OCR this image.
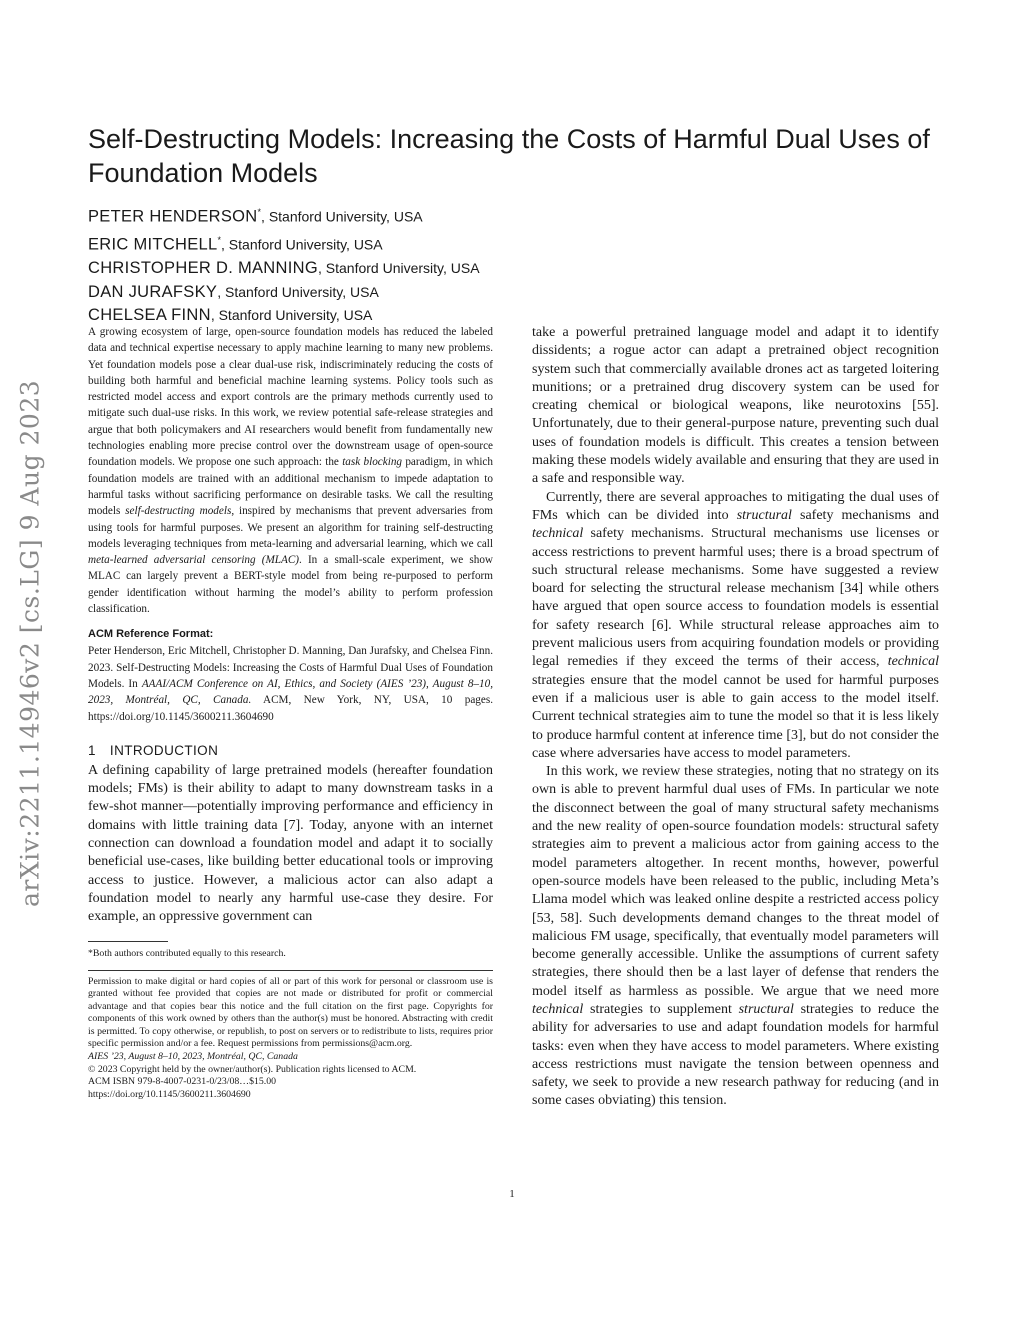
arXiv:2211.14946v2 [cs.LG] 9 Aug 2023
Self-Destructing Models: Increasing the Costs of Harmful Dual Uses of Foundation Models
PETER HENDERSON*, Stanford University, USA
ERIC MITCHELL*, Stanford University, USA
CHRISTOPHER D. MANNING, Stanford University, USA
DAN JURAFSKY, Stanford University, USA
CHELSEA FINN, Stanford University, USA

A growing ecosystem of large, open-source foundation models has reduced the labeled data and technical expertise necessary to apply machine learning to many new problems. Yet foundation models pose a clear dual-use risk, indiscriminately reducing the costs of building both harmful and beneficial machine learning systems. Policy tools such as restricted model access and export controls are the primary methods currently used to mitigate such dual-use risks. In this work, we review potential safe-release strategies and argue that both policymakers and AI researchers would benefit from fundamentally new technologies enabling more precise control over the downstream usage of open-source foundation models. We propose one such approach: the task blocking paradigm, in which foundation models are trained with an additional mechanism to impede adaptation to harmful tasks without sacrificing performance on desirable tasks. We call the resulting models self-destructing models, inspired by mechanisms that prevent adversaries from using tools for harmful purposes. We present an algorithm for training self-destructing models leveraging techniques from meta-learning and adversarial learning, which we call meta-learned adversarial censoring (MLAC). In a small-scale experiment, we show MLAC can largely prevent a BERT-style model from being re-purposed to perform gender identification without harming the model’s ability to perform profession classification.

ACM Reference Format:

Peter Henderson, Eric Mitchell, Christopher D. Manning, Dan Jurafsky, and Chelsea Finn. 2023. Self-Destructing Models: Increasing the Costs of Harmful Dual Uses of Foundation Models. In AAAI/ACM Conference on AI, Ethics, and Society (AIES ’23), August 8–10, 2023, Montréal, QC, Canada. ACM, New York, NY, USA, 10 pages. https://doi.org/10.1145/3600211.3604690

1 INTRODUCTION

A defining capability of large pretrained models (hereafter foundation models; FMs) is their ability to adapt to many downstream tasks in a few-shot manner—potentially improving performance and efficiency in domains with little training data [7]. Today, anyone with an internet connection can download a foundation model and adapt it to socially beneficial use-cases, like building better educational tools or improving access to justice. However, a malicious actor can also adapt a foundation model to nearly any harmful use-case they desire. For example, an oppressive government can

*Both authors contributed equally to this research.

Permission to make digital or hard copies of all or part of this work for personal or classroom use is granted without fee provided that copies are not made or distributed for profit or commercial advantage and that copies bear this notice and the full citation on the first page. Copyrights for components of this work owned by others than the author(s) must be honored. Abstracting with credit is permitted. To copy otherwise, or republish, to post on servers or to redistribute to lists, requires prior specific permission and/or a fee. Request permissions from permissions@acm.org.

AIES ’23, August 8–10, 2023, Montréal, QC, Canada

© 2023 Copyright held by the owner/author(s). Publication rights licensed to ACM.

ACM ISBN 979-8-4007-0231-0/23/08…$15.00

https://doi.org/10.1145/3600211.3604690

take a powerful pretrained language model and adapt it to identify dissidents; a rogue actor can adapt a pretrained object recognition system such that commercially available drones act as targeted loitering munitions; or a pretrained drug discovery system can be used for creating chemical or biological weapons, like neurotoxins [55]. Unfortunately, due to their general-purpose nature, preventing such dual uses of foundation models is difficult. This creates a tension between making these models widely available and ensuring that they are used in a safe and responsible way.

Currently, there are several approaches to mitigating the dual uses of FMs which can be divided into structural safety mechanisms and technical safety mechanisms. Structural mechanisms use licenses or access restrictions to prevent harmful uses; there is a broad spectrum of such structural release mechanisms. Some have suggested a review board for selecting the structural release mechanism [34] while others have argued that open source access to foundation models is essential for safety research [6]. While structural release approaches aim to prevent malicious users from acquiring foundation models or providing legal remedies if they exceed the terms of their access, technical strategies ensure that the model cannot be used for harmful purposes even if a malicious user is able to gain access to the model itself. Current technical strategies aim to tune the model so that it is less likely to produce harmful content at inference time [3], but do not consider the case where adversaries have access to model parameters.

In this work, we review these strategies, noting that no strategy on its own is able to prevent harmful dual uses of FMs. In particular we note the disconnect between the goal of many structural safety mechanisms and the new reality of open-source foundation models: structural safety strategies aim to prevent a malicious actor from gaining access to the model parameters altogether. In recent months, however, powerful open-source models have been released to the public, including Meta’s Llama model which was leaked online despite a restricted access policy [53, 58]. Such developments demand changes to the threat model of malicious FM usage, specifically, that eventually model parameters will become generally accessible. Unlike the assumptions of current safety strategies, there should then be a last layer of defense that renders the model itself as harmless as possible. We argue that we need more technical strategies to supplement structural strategies to reduce the ability for adversaries to use and adapt foundation models for harmful tasks: even when they have access to model parameters. Where existing access restrictions must navigate the tension between openness and safety, we seek to provide a new research pathway for reducing (and in some cases obviating) this tension.

1
